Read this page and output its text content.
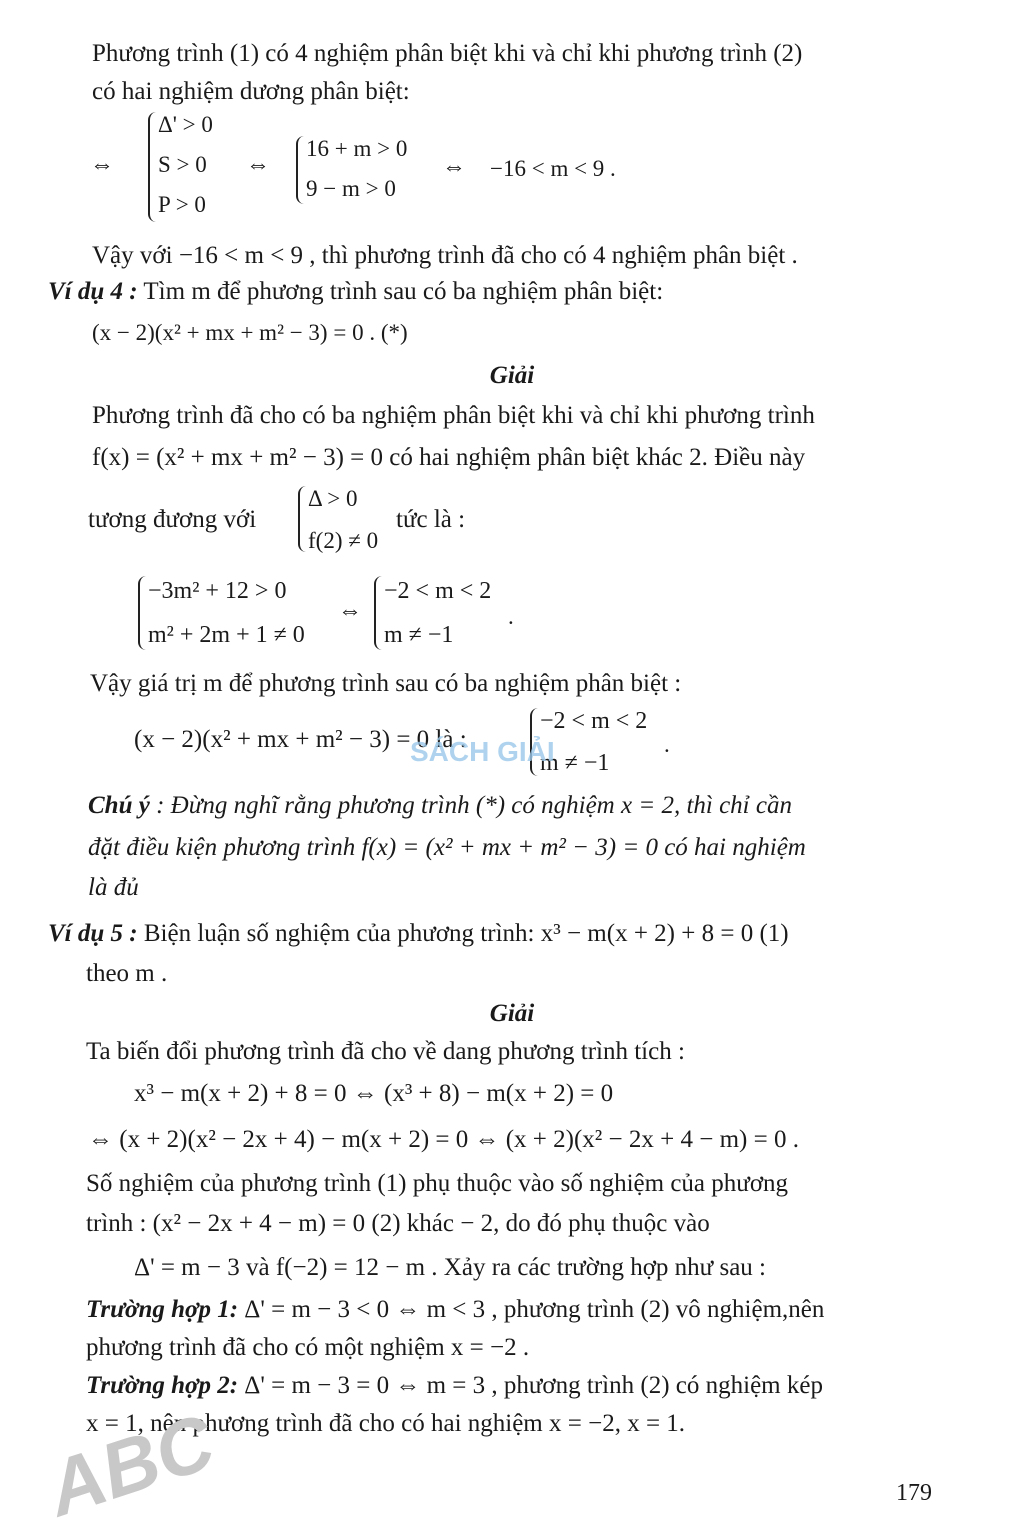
Phương trình (1) có 4 nghiệm phân biệt khi và chỉ khi phương trình (2)
có hai nghiệm dương phân biệt:
⇔
Δ' > 0
S > 0
P > 0
⇔
16 + m > 0
9 − m > 0
⇔ −16 < m < 9 .
Vậy với −16 < m < 9 , thì phương trình đã cho có 4 nghiệm phân biệt .
Ví dụ 4 : Tìm m để phương trình sau có ba nghiệm phân biệt:
(x − 2)(x² + mx + m² − 3) = 0 . (*)
Giải
Phương trình đã cho có ba nghiệm phân biệt khi và chỉ khi phương trình
f(x) = (x² + mx + m² − 3) = 0 có hai nghiệm phân biệt khác 2. Điều này
tương đương với
Δ > 0
f(2) ≠ 0
tức là :
−3m² + 12 > 0
m² + 2m + 1 ≠ 0
⇔
−2 < m < 2
m ≠ −1
.
Vậy giá trị m để phương trình sau có ba nghiệm phân biệt :
(x − 2)(x² + mx + m² − 3) = 0 là :
−2 < m < 2
m ≠ −1
.
SÁCH GIẢI
Chú ý : Đừng nghĩ rằng phương trình (*) có nghiệm x = 2, thì chỉ cần
đặt điều kiện phương trình f(x) = (x² + mx + m² − 3) = 0 có hai nghiệm
là đủ
Ví dụ 5 : Biện luận số nghiệm của phương trình: x³ − m(x + 2) + 8 = 0 (1)
theo m .
Giải
Ta biến đổi phương trình đã cho về dang phương trình tích :
x³ − m(x + 2) + 8 = 0 ⇔ (x³ + 8) − m(x + 2) = 0
⇔ (x + 2)(x² − 2x + 4) − m(x + 2) = 0 ⇔ (x + 2)(x² − 2x + 4 − m) = 0 .
Số nghiệm của phương trình (1) phụ thuộc vào số nghiệm của phương
trình : (x² − 2x + 4 − m) = 0 (2) khác − 2, do đó phụ thuộc vào
Δ' = m − 3 và f(−2) = 12 − m . Xảy ra các trường hợp như sau :
Trường hợp 1: Δ' = m − 3 < 0 ⇔ m < 3 , phương trình (2) vô nghiệm,nên
phương trình đã cho có một nghiệm x = −2 .
Trường hợp 2: Δ' = m − 3 = 0 ⇔ m = 3 , phương trình (2) có nghiệm kép
x = 1, nên phương trình đã cho có hai nghiệm x = −2, x = 1.
ABC	179
